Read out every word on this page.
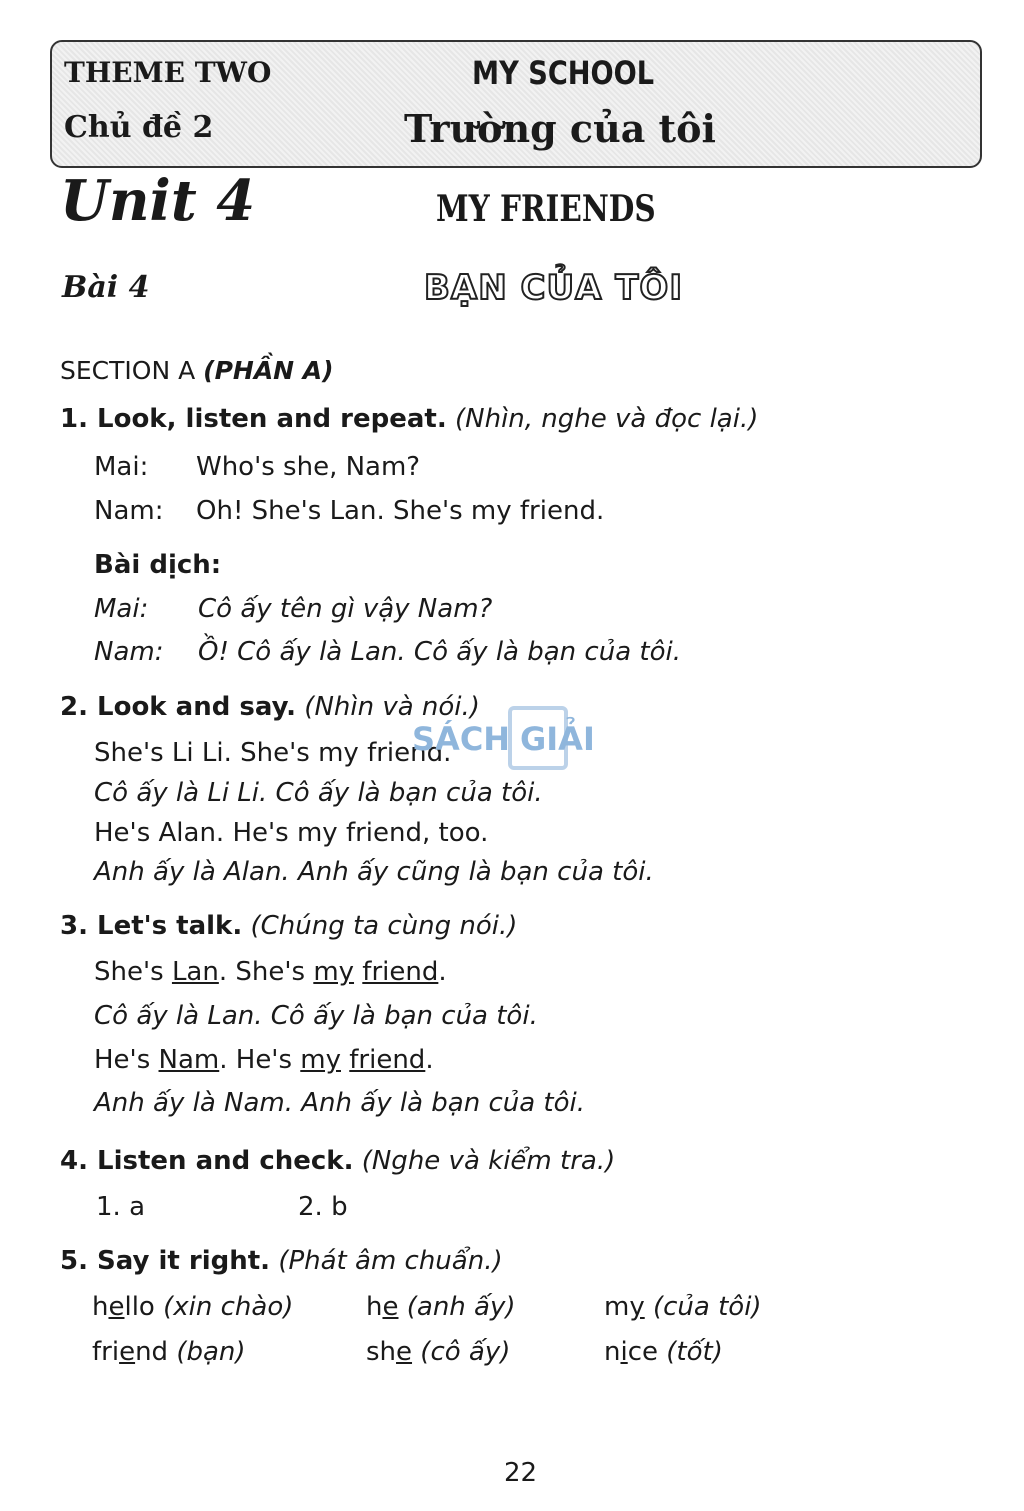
THEME TWO
Chủ đề 2
MY SCHOOL
Trường của tôi
Unit 4	MY FRIENDS
Bài 4	BẠN CỦA TÔI
SECTION A (PHẦN A)
1. Look, listen and repeat. (Nhìn, nghe và đọc lại.)
Mai: Who's she, Nam?
Nam: Oh! She's Lan. She's my friend.
Bài dịch:
Mai: Cô ấy tên gì vậy Nam?
Nam: Ồ! Cô ấy là Lan. Cô ấy là bạn của tôi.
2. Look and say. (Nhìn và nói.)
She's Li Li. She's my friend.
Cô ấy là Li Li. Cô ấy là bạn của tôi.
He's Alan. He's my friend, too.
Anh ấy là Alan. Anh ấy cũng là bạn của tôi.
SÁCH GIẢI
3. Let's talk. (Chúng ta cùng nói.)
She's Lan. She's my friend.
Cô ấy là Lan. Cô ấy là bạn của tôi.
He's Nam. He's my friend.
Anh ấy là Nam. Anh ấy là bạn của tôi.
4. Listen and check. (Nghe và kiểm tra.)
1. a	2. b
5. Say it right. (Phát âm chuẩn.)
hello (xin chào)	he (anh ấy)	my (của tôi)
friend (bạn)	she (cô ấy)	nice (tốt)
22
